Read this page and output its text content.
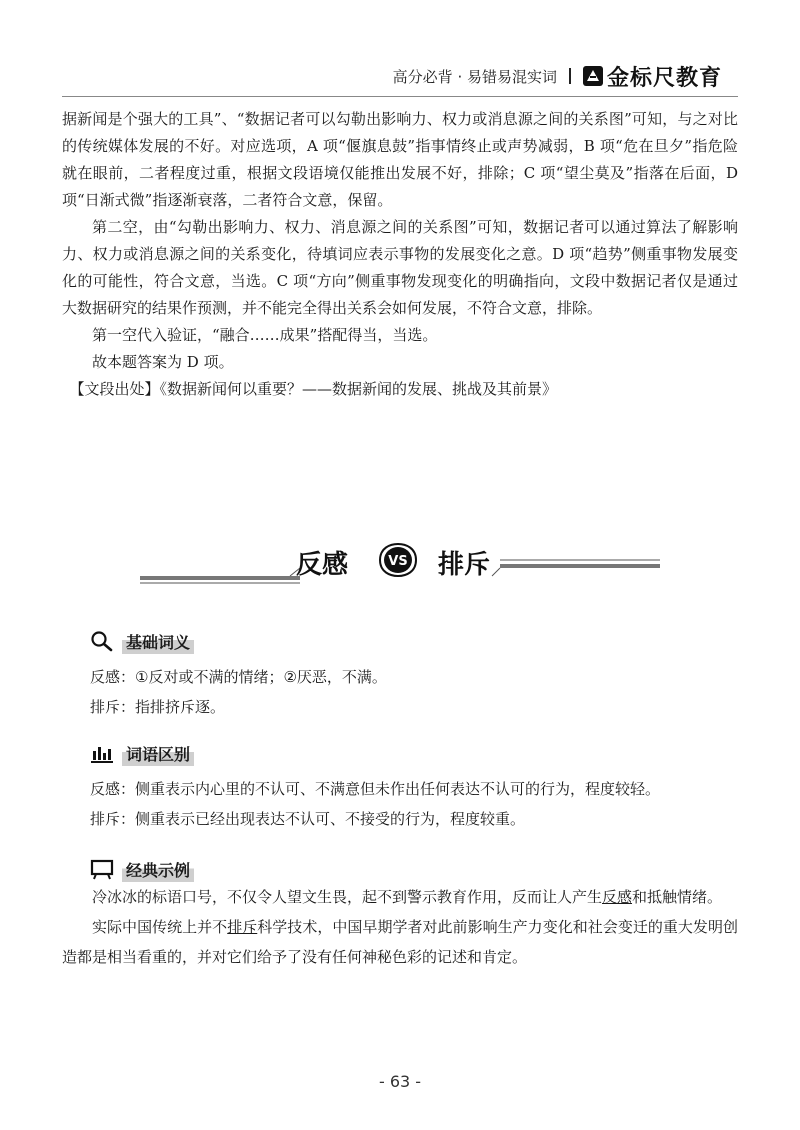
高分必背 · 易错易混实词 金标尺教育

据新闻是个强大的工具”、“数据记者可以勾勒出影响力、权力或消息源之间的关系图”可知，与之对比的传统媒体发展的不好。对应选项，A 项“偃旗息鼓”指事情终止或声势减弱，B 项“危在旦夕”指危险就在眼前，二者程度过重，根据文段语境仅能推出发展不好，排除；C 项“望尘莫及”指落在后面，D 项“日渐式微”指逐渐衰落，二者符合文意，保留。

第二空，由“勾勒出影响力、权力、消息源之间的关系图”可知，数据记者可以通过算法了解影响力、权力或消息源之间的关系变化，待填词应表示事物的发展变化之意。D 项“趋势”侧重事物发展变化的可能性，符合文意，当选。C 项“方向”侧重事物发现变化的明确指向，文段中数据记者仅是通过大数据研究的结果作预测，并不能完全得出关系会如何发展，不符合文意，排除。

第一空代入验证，“融合……成果”搭配得当，当选。

故本题答案为 D 项。

【文段出处】《数据新闻何以重要？——数据新闻的发展、挑战及其前景》

反感	VS 排斥
基础词义

反感：①反对或不满的情绪；②厌恶，不满。

排斥：指排挤斥逐。

词语区别

反感：侧重表示内心里的不认可、不满意但未作出任何表达不认可的行为，程度较轻。

排斥：侧重表示已经出现表达不认可、不接受的行为，程度较重。

经典示例

冷冰冰的标语口号，不仅令人望文生畏，起不到警示教育作用，反而让人产生反感和抵触情绪。

实际中国传统上并不排斥科学技术，中国早期学者对此前影响生产力变化和社会变迁的重大发明创造都是相当看重的，并对它们给予了没有任何神秘色彩的记述和肯定。

- 63 -
